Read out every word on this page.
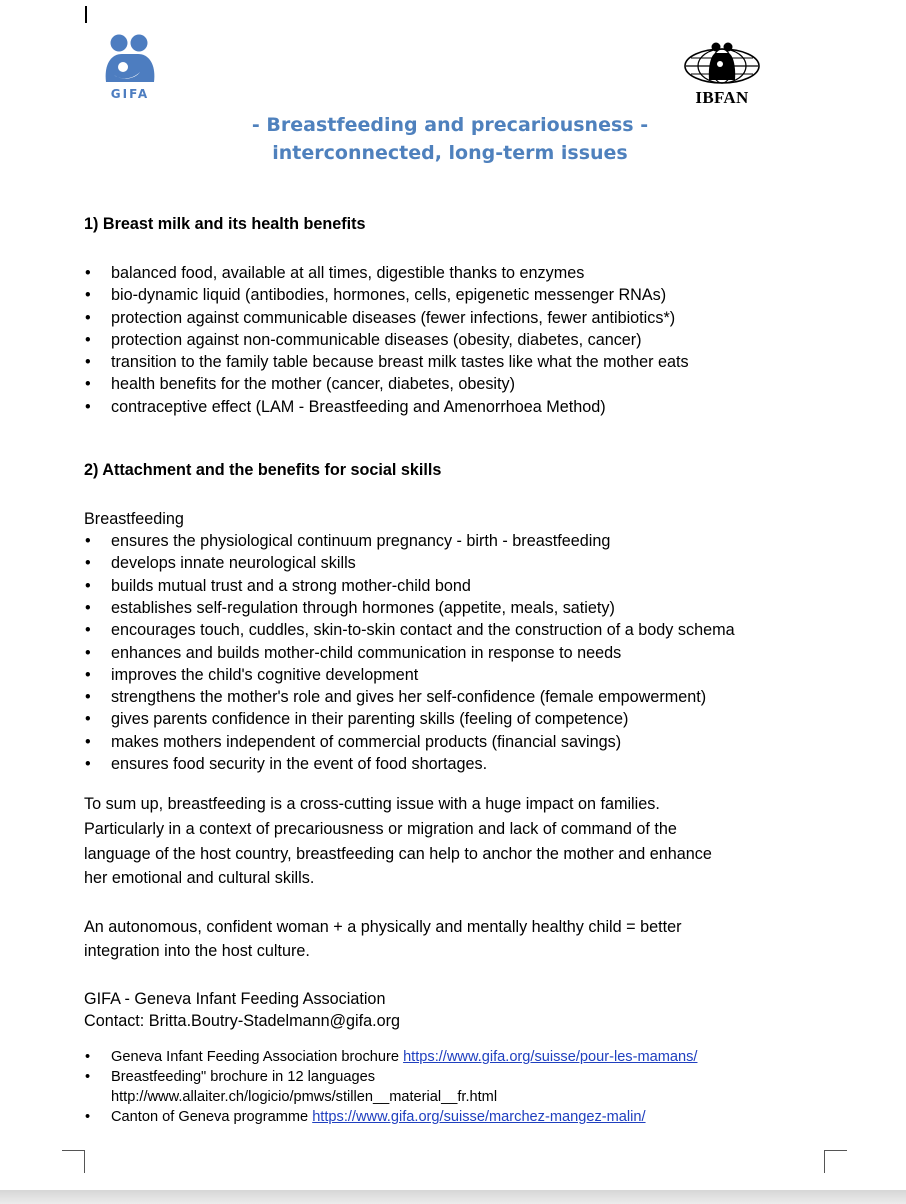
GIFA	IBFAN
- Breastfeeding and precariousness -
interconnected, long-term issues
1) Breast milk and its health benefits
• balanced food, available at all times, digestible thanks to enzymes
• bio-dynamic liquid (antibodies, hormones, cells, epigenetic messenger RNAs)
• protection against communicable diseases (fewer infections, fewer antibiotics*)
• protection against non-communicable diseases (obesity, diabetes, cancer)
• transition to the family table because breast milk tastes like what the mother eats
• health benefits for the mother (cancer, diabetes, obesity)
• contraceptive effect (LAM - Breastfeeding and Amenorrhoea Method)
2) Attachment and the benefits for social skills
Breastfeeding
• ensures the physiological continuum pregnancy - birth - breastfeeding
• develops innate neurological skills
• builds mutual trust and a strong mother-child bond
• establishes self-regulation through hormones (appetite, meals, satiety)
• encourages touch, cuddles, skin-to-skin contact and the construction of a body schema
• enhances and builds mother-child communication in response to needs
• improves the child's cognitive development
• strengthens the mother's role and gives her self-confidence (female empowerment)
• gives parents confidence in their parenting skills (feeling of competence)
• makes mothers independent of commercial products (financial savings)
• ensures food security in the event of food shortages.
To sum up, breastfeeding is a cross-cutting issue with a huge impact on families.
Particularly in a context of precariousness or migration and lack of command of the
language of the host country, breastfeeding can help to anchor the mother and enhance
her emotional and cultural skills.
An autonomous, confident woman + a physically and mentally healthy child = better
integration into the host culture.
GIFA - Geneva Infant Feeding Association
Contact: Britta.Boutry-Stadelmann@gifa.org
•	Geneva Infant Feeding Association brochure https://www.gifa.org/suisse/pour-les-mamans/
•	Breastfeeding" brochure in 12 languages
http://www.allaiter.ch/logicio/pmws/stillen__material__fr.html
•	Canton of Geneva programme https://www.gifa.org/suisse/marchez-mangez-malin/
